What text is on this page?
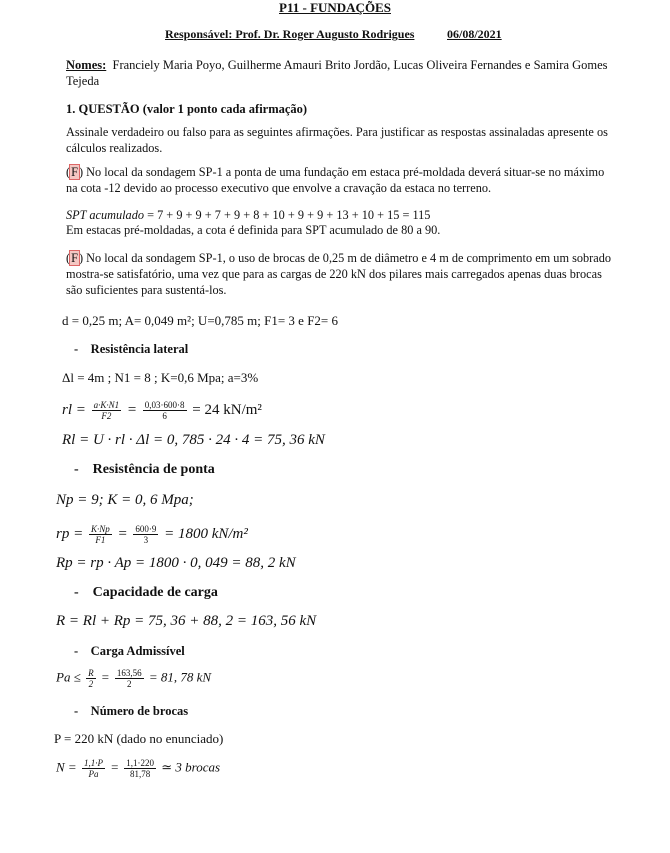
P11 - FUNDAÇÕES
Responsável: Prof. Dr. Roger Augusto Rodrigues	06/08/2021
Nomes: Franciely Maria Poyo, Guilherme Amauri Brito Jordão, Lucas Oliveira Fernandes e Samira Gomes Tejeda
1. QUESTÃO (valor 1 ponto cada afirmação)
Assinale verdadeiro ou falso para as seguintes afirmações. Para justificar as respostas assinaladas apresente os cálculos realizados.
(F) No local da sondagem SP-1 a ponta de uma fundação em estaca pré-moldada deverá situar-se no máximo na cota -12 devido ao processo executivo que envolve a cravação da estaca no terreno.
SPT acumulado = 7 + 9 + 9 + 7 + 9 + 8 + 10 + 9 + 9 + 13 + 10 + 15 = 115
Em estacas pré-moldadas, a cota é definida para SPT acumulado de 80 a 90.
(F) No local da sondagem SP-1, o uso de brocas de 0,25 m de diâmetro e 4 m de comprimento em um sobrado mostra-se satisfatório, uma vez que para as cargas de 220 kN dos pilares mais carregados apenas duas brocas são suficientes para sustentá-los.
d = 0,25 m; A= 0,049 m²; U=0,785 m; F1= 3 e F2= 6
- Resistência lateral
Δl = 4m ; N1 = 8 ; K=0,6 Mpa; a=3%
rl = $\frac{a\cdot K\cdot N1}{F2} = \frac{0,03\cdot 600\cdot 8}{6} = 24$ kN/m²
Rl = U · rl · Δl = 0, 785 · 24 · 4 = 75, 36 kN
- Resistência de ponta
Np = 9; K = 0, 6 Mpa;
rp = $\frac{K\cdot Np}{F1} = \frac{600\cdot 9}{3} = 1800$ kN/m²
Rp = rp · Ap = 1800 · 0, 049 = 88, 2 kN
- Capacidade de carga
R = Rl + Rp = 75, 36 + 88, 2 = 163, 56 kN
- Carga Admissível
$Pa \le \frac{R}{2} = \frac{163,56}{2} = 81$, 78 kN
- Número de brocas
P = 220 kN (dado no enunciado)
$N = \frac{1,1\cdot P}{Pa} = \frac{1,1\cdot 220}{81,78}$ ≃ 3 brocas
